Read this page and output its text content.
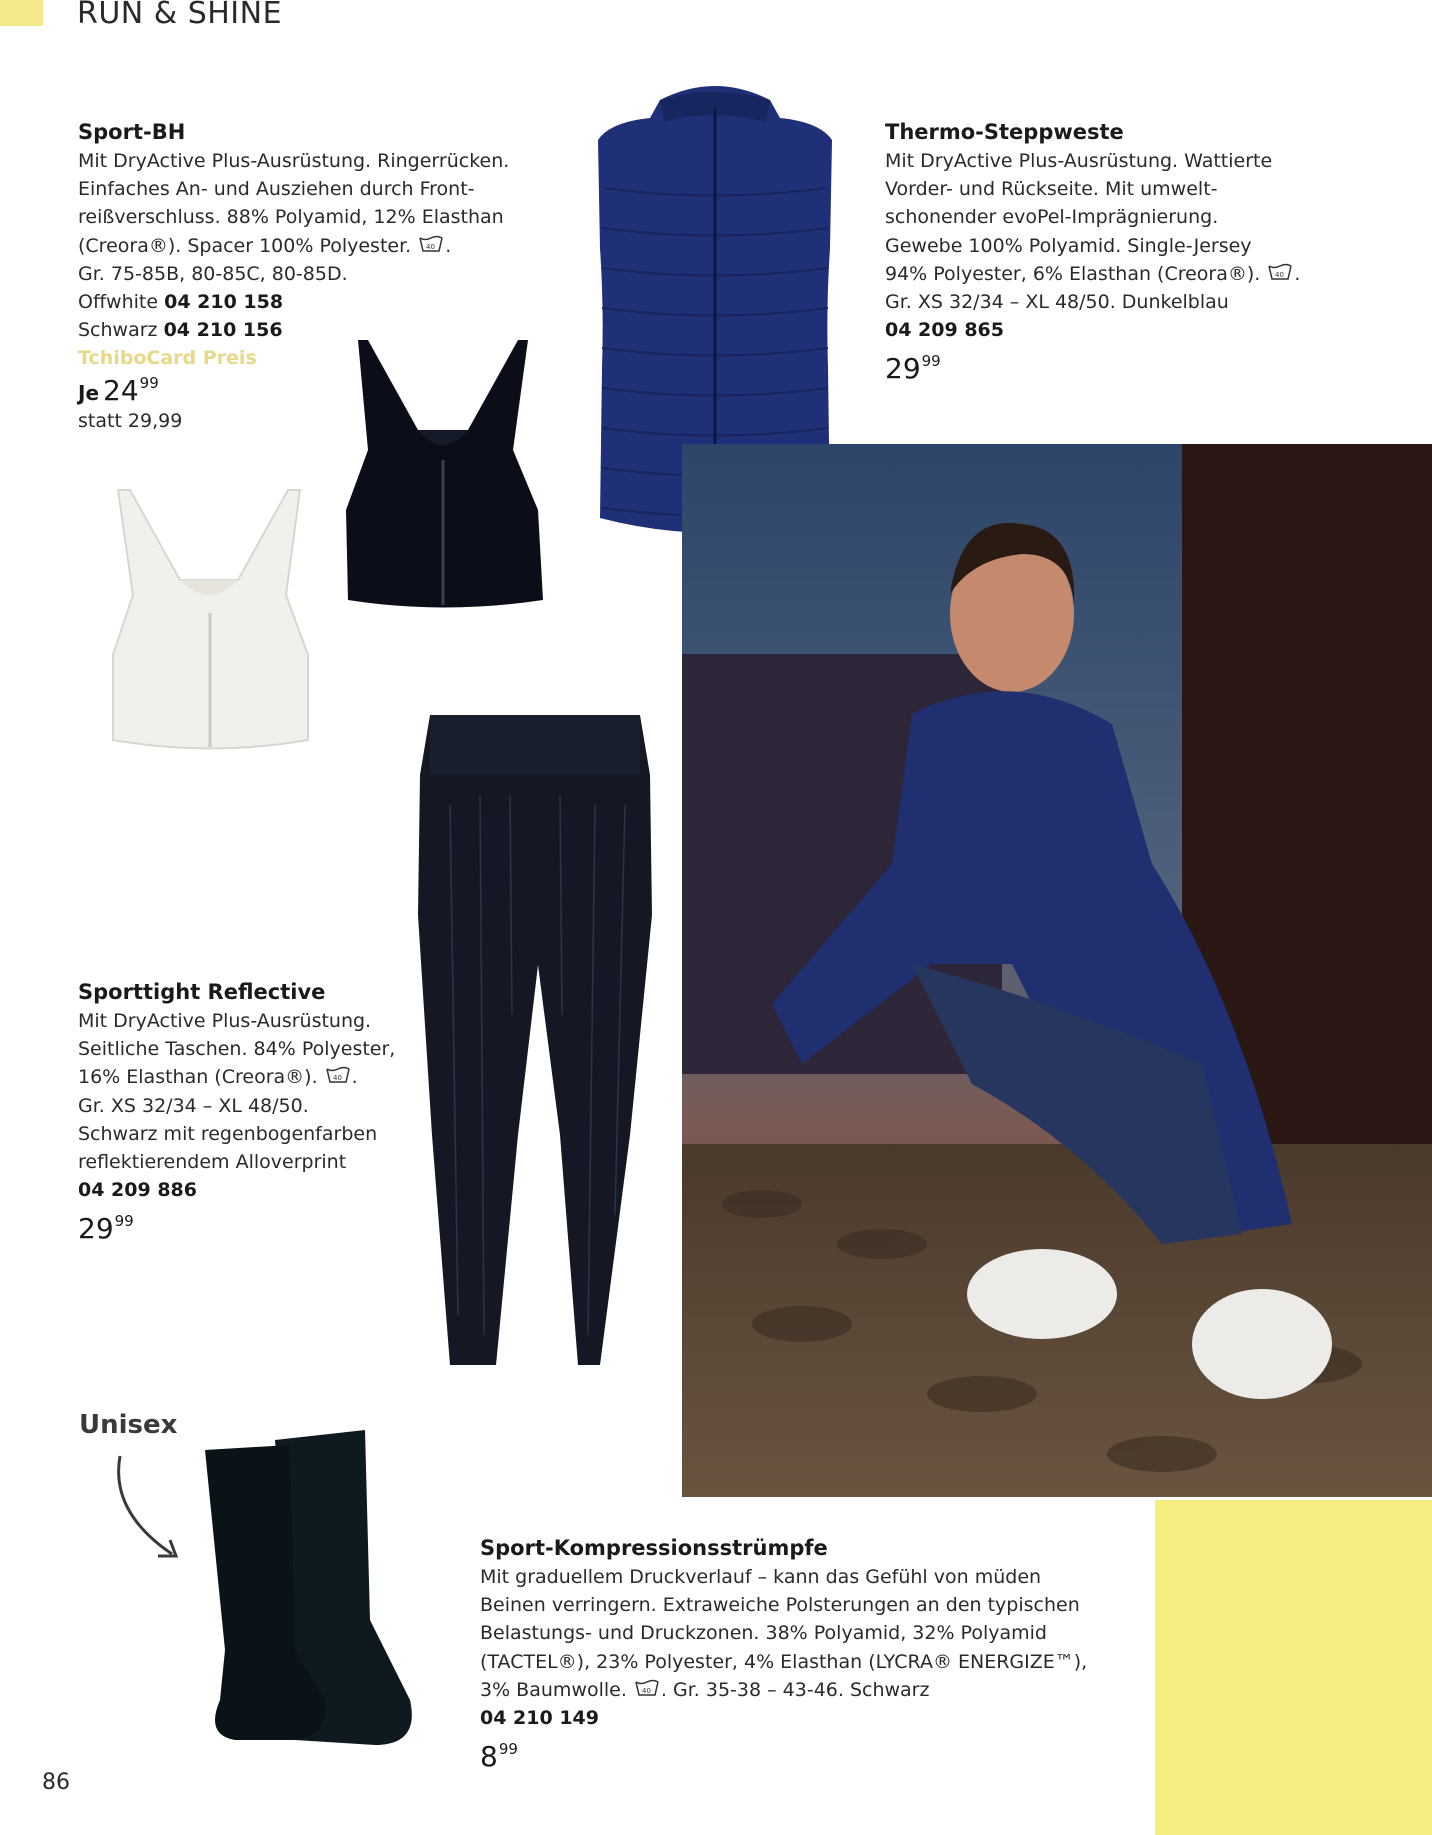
RUN & SHINE
Sport-BH

Mit DryActive Plus-Ausrüstung. Ringerrücken.
Einfaches An- und Ausziehen durch Front-
reißverschluss. 88% Polyamid, 12% Elasthan
(Creora®). Spacer 100% Polyester. 40 .
Gr. 75-85B, 80-85C, 80-85D.
Offwhite 04 210 158
Schwarz 04 210 156

TchiboCard Preis
Je $24^{99}$
statt 29,99
Thermo-Steppweste

Mit DryActive Plus-Ausrüstung. Wattierte
Vorder- und Rückseite. Mit umwelt-
schonender evoPel-Imprägnierung.
Gewebe 100% Polyamid. Single-Jersey
94% Polyester, 6% Elasthan (Creora®). 40 .
Gr. XS 32/34 – XL 48/50. Dunkelblau
04 209 865

$29^{99}$
Sporttight Reflective

Mit DryActive Plus-Ausrüstung.
Seitliche Taschen. 84% Polyester,
16% Elasthan (Creora®). 40 .
Gr. XS 32/34 – XL 48/50.
Schwarz mit regenbogenfarben
reflektierendem Alloverprint
04 209 886

$29^{99}$
Unisex
Sport-Kompressionsstrümpfe

Mit graduellem Druckverlauf – kann das Gefühl von müden
Beinen verringern. Extraweiche Polsterungen an den typischen
Belastungs- und Druckzonen. 38% Polyamid, 32% Polyamid
(TACTEL®), 23% Polyester, 4% Elasthan (LYCRA® ENERGIZE™),
3% Baumwolle. 40 . Gr. 35-38 – 43-46. Schwarz
04 210 149

$8^{99}$
86
